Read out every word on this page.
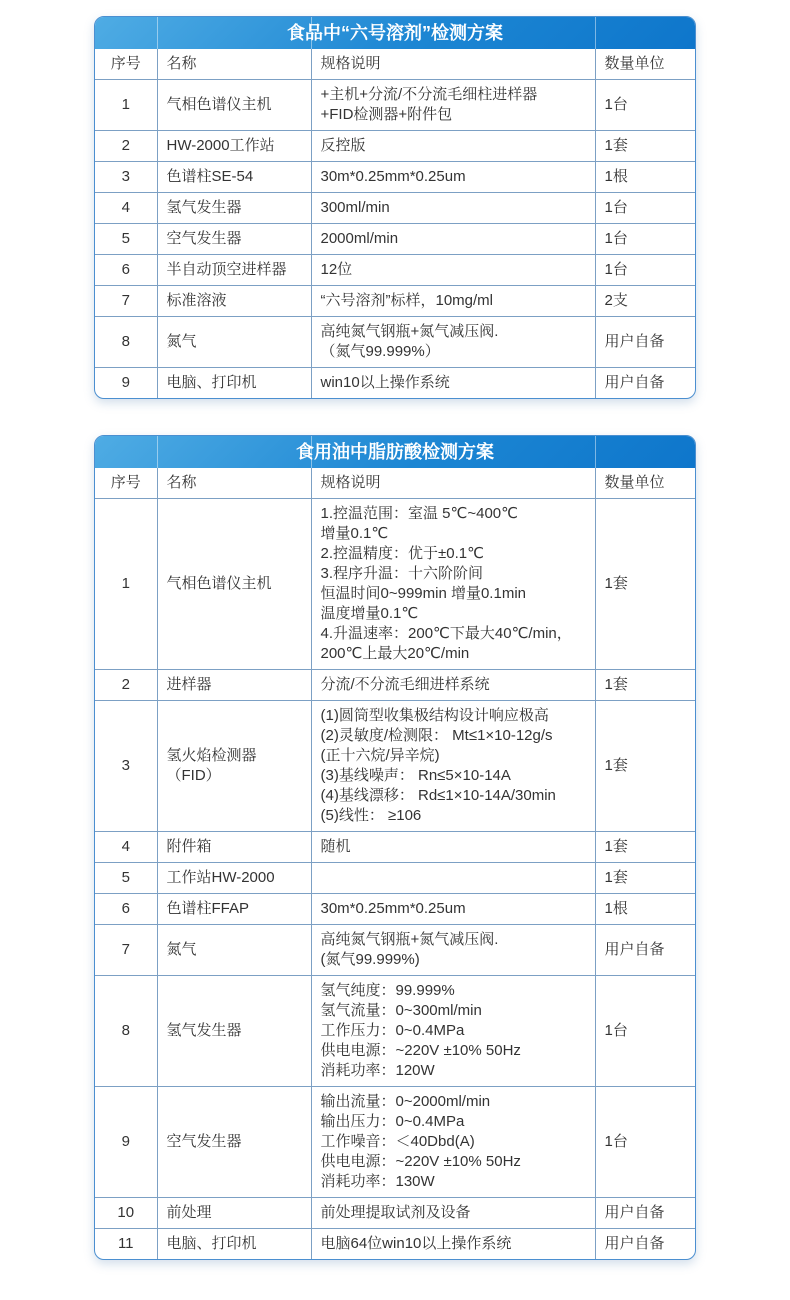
食品中“六号溶剂”检测方案
序号	名称	规格说明	数量单位
1	气相色谱仪主机	+主机+分流/不分流毛细柱进样器
+FID检测器+附件包	1台
2	HW-2000工作站	反控版	1套
3	色谱柱SE-54	30m*0.25mm*0.25um	1根
4	氢气发生器	300ml/min	1台
5	空气发生器	2000ml/min	1台
6	半自动顶空进样器	12位	1台
7	标准溶液	“六号溶剂”标样，10mg/ml	2支
8	氮气	高纯氮气钢瓶+氮气减压阀.
（氮气99.999%）	用户自备
9	电脑、打印机	win10以上操作系统	用户自备
食用油中脂肪酸检测方案
序号	名称	规格说明	数量单位
1	气相色谱仪主机	1.控温范围：室温 5℃~400℃
增量0.1℃
2.控温精度：优于±0.1℃
3.程序升温：十六阶阶间
恒温时间0~999min 增量0.1min
温度增量0.1℃
4.升温速率：200℃下最大40℃/min，
200℃上最大20℃/min	1套
2	进样器	分流/不分流毛细进样系统	1套
3	氢火焰检测器（FID）	(1)圆筒型收集极结构设计响应极高
(2)灵敏度/检测限： Mt≤1×10-12g/s
(正十六烷/异辛烷)
(3)基线噪声： Rn≤5×10-14A
(4)基线漂移： Rd≤1×10-14A/30min
(5)线性： ≥106	1套
4	附件箱	随机	1套
5	工作站HW-2000		1套
6	色谱柱FFAP	30m*0.25mm*0.25um	1根
7	氮气	高纯氮气钢瓶+氮气减压阀.
(氮气99.999%)	用户自备
8	氢气发生器	氢气纯度：99.999%
氢气流量：0~300ml/min
工作压力：0~0.4MPa
供电电源：~220V ±10% 50Hz
消耗功率：120W	1台
9	空气发生器	输出流量：0~2000ml/min
输出压力：0~0.4MPa
工作噪音：＜40Dbd(A)
供电电源：~220V ±10% 50Hz
消耗功率：130W	1台
10	前处理	前处理提取试剂及设备	用户自备
11	电脑、打印机	电脑64位win10以上操作系统	用户自备
